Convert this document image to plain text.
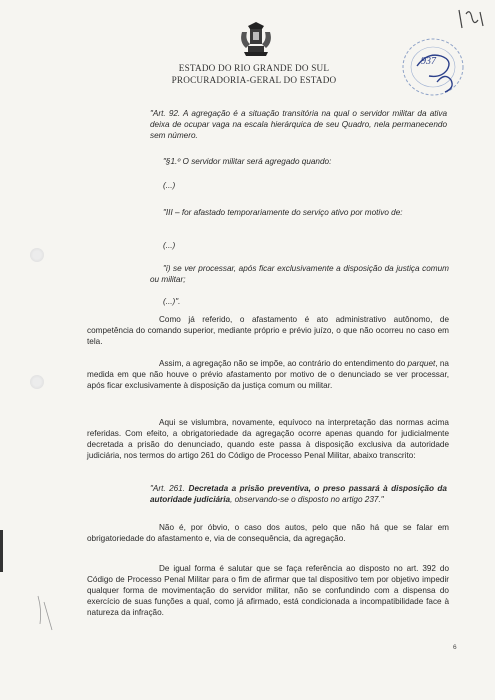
ESTADO DO RIO GRANDE DO SUL
PROCURADORIA-GERAL DO ESTADO
937

"Art. 92. A agregação é a situação transitória na qual o servidor militar da ativa deixa de ocupar vaga na escala hierárquica de seu Quadro, nela permanecendo sem número.

"§1.º O servidor militar será agregado quando:

(...)

"III – for afastado temporariamente do serviço ativo por motivo de:

(...)

"i) se ver processar, após ficar exclusivamente a disposição da justiça comum ou militar;

(...)".

Como já referido, o afastamento é ato administrativo autônomo, de competência do comando superior, mediante próprio e prévio juízo, o que não ocorreu no caso em tela.

Assim, a agregação não se impõe, ao contrário do entendimento do parquet, na medida em que não houve o prévio afastamento por motivo de o denunciado se ver processar, após ficar exclusivamente à disposição da justiça comum ou militar.

Aqui se vislumbra, novamente, equívoco na interpretação das normas acima referidas. Com efeito, a obrigatoriedade da agregação ocorre apenas quando for judicialmente decretada a prisão do denunciado, quando este passa à disposição exclusiva da autoridade judiciária, nos termos do artigo 261 do Código de Processo Penal Militar, abaixo transcrito:

"Art. 261. Decretada a prisão preventiva, o preso passará à disposição da autoridade judiciária, observando-se o disposto no artigo 237."

Não é, por óbvio, o caso dos autos, pelo que não há que se falar em obrigatoriedade do afastamento e, via de consequência, da agregação.

De igual forma é salutar que se faça referência ao disposto no art. 392 do Código de Processo Penal Militar para o fim de afirmar que tal dispositivo tem por objetivo impedir qualquer forma de movimentação do servidor militar, não se confundindo com a dispensa do exercício de suas funções a qual, como já afirmado, está condicionada a incompatibilidade face à natureza da infração.

6
